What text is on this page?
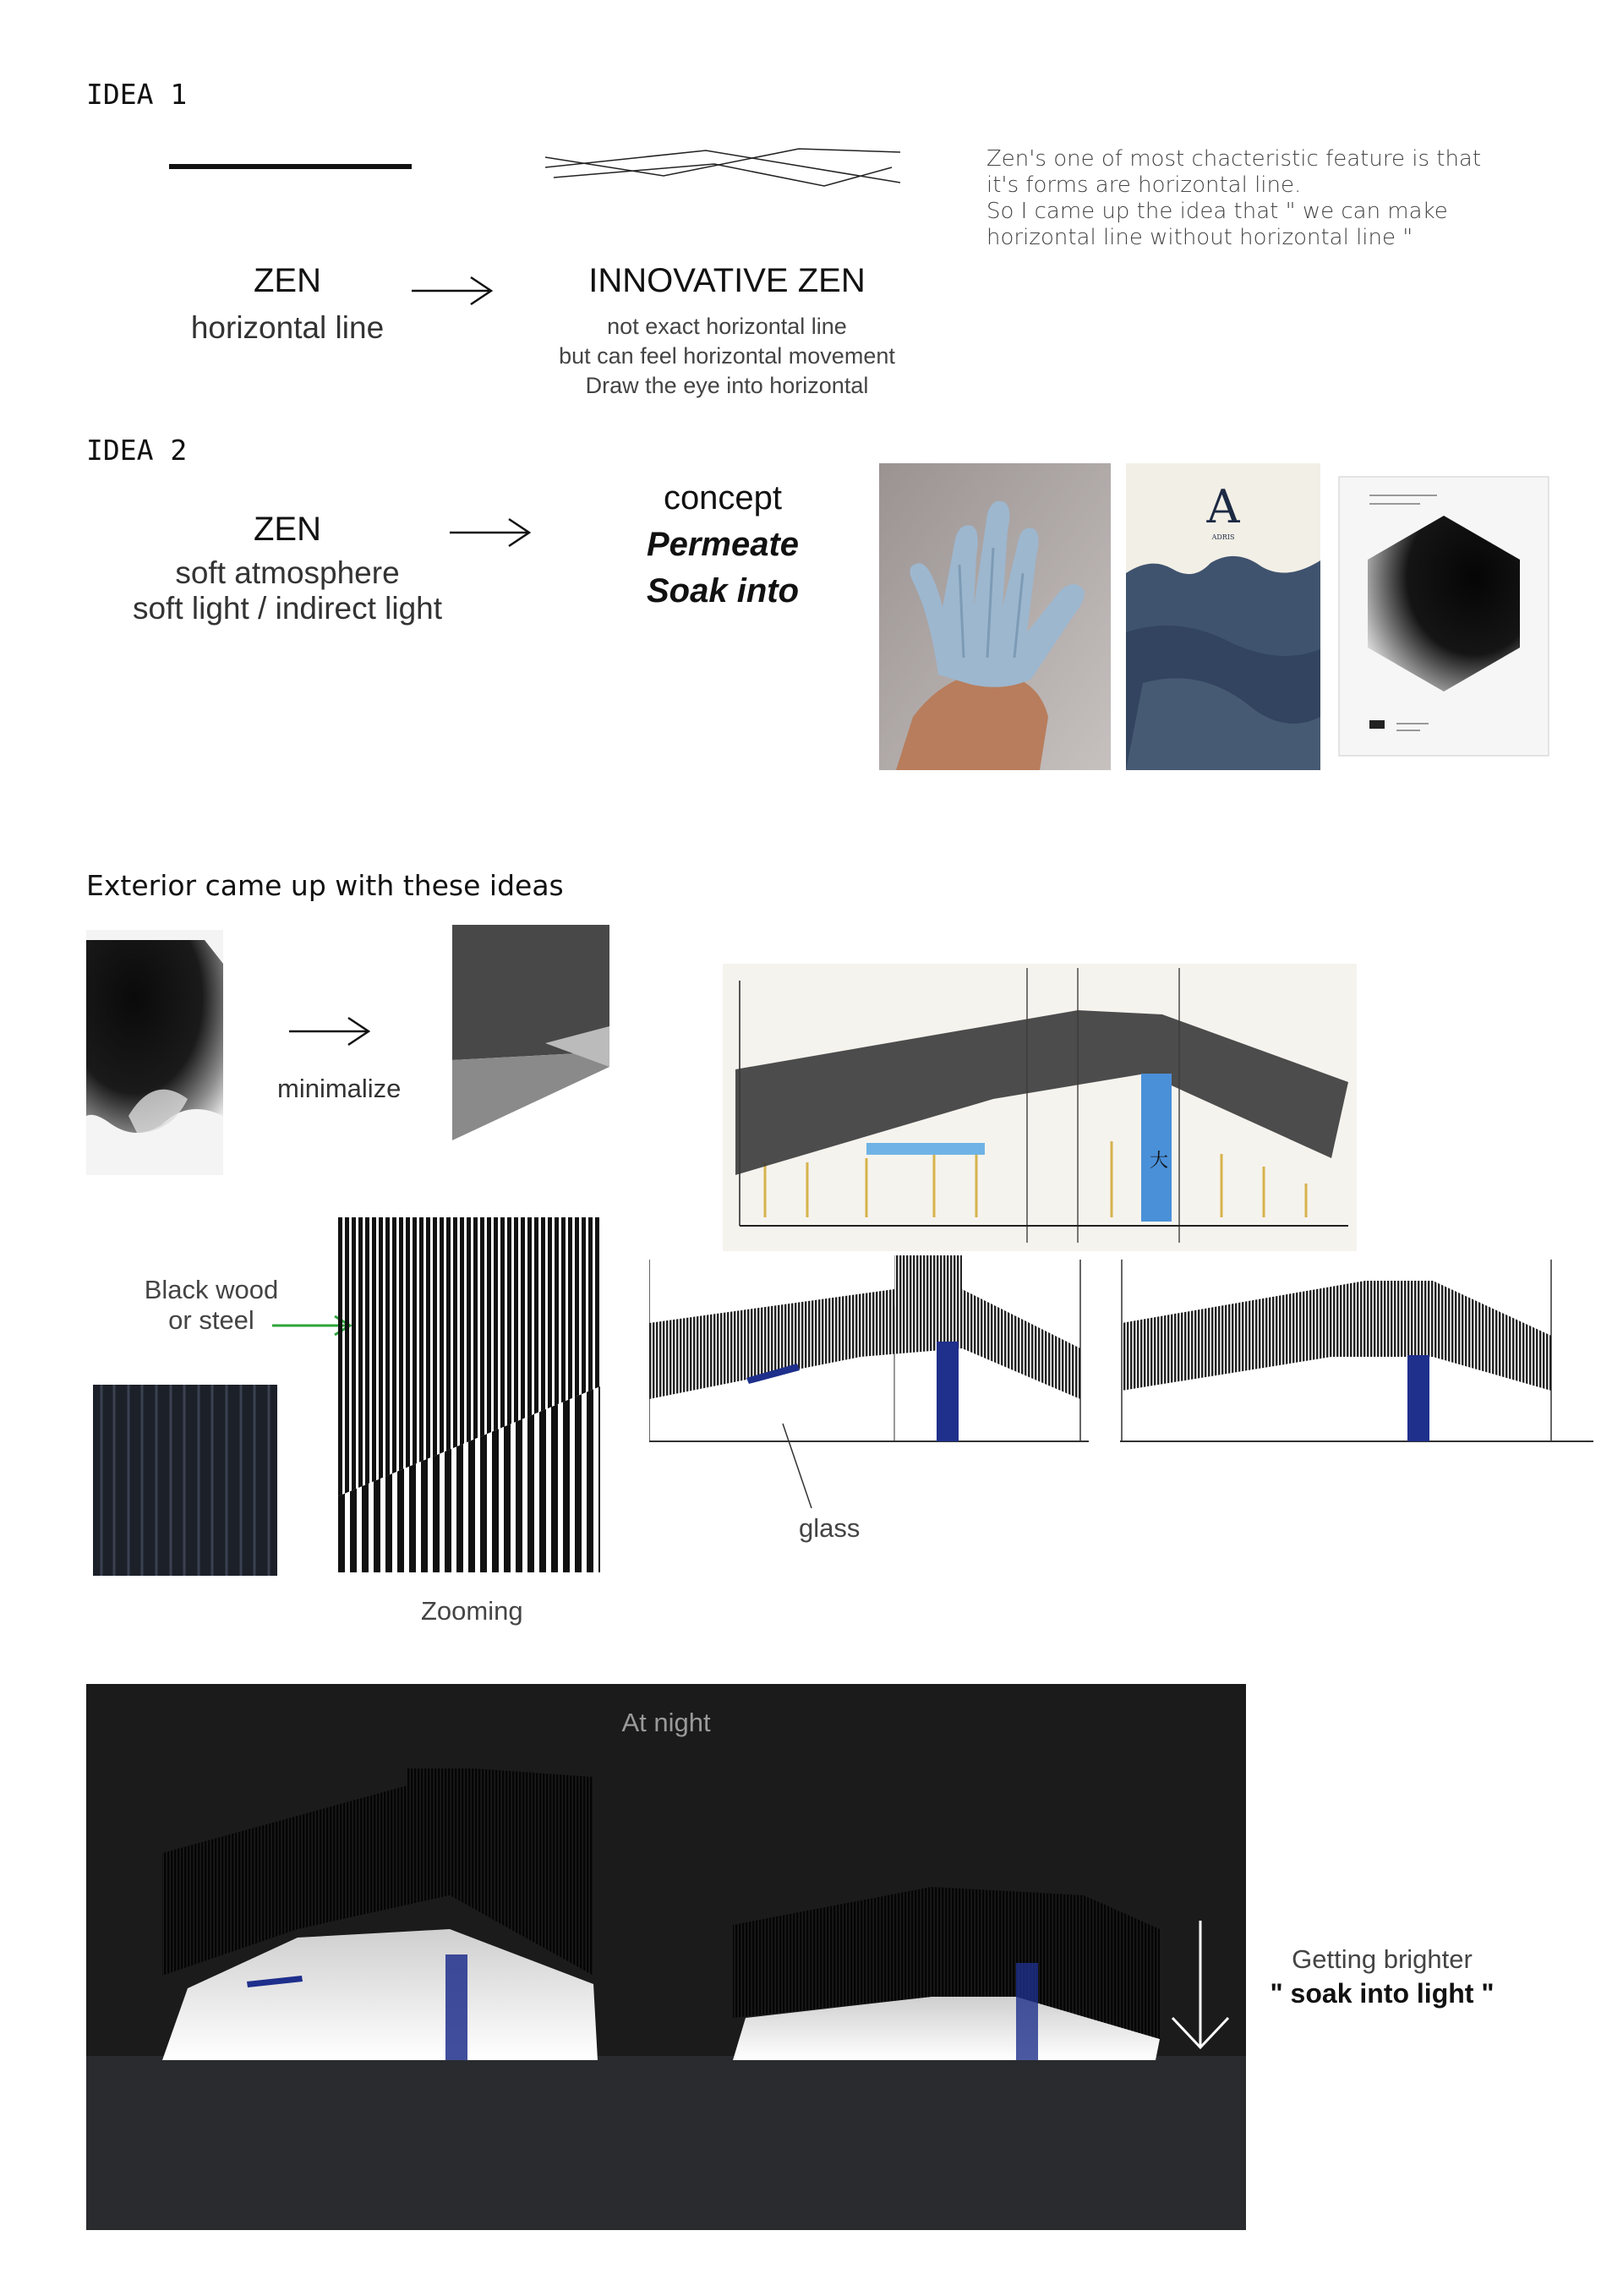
IDEA 1
ZEN
horizontal line
INNOVATIVE ZEN
not exact horizontal line
but can feel horizontal movement
Draw the eye into horizontal
Zen's one of most chacteristic feature is that
it's forms are horizontal line.
So I came up the idea that " we can make
horizontal line without horizontal line "
IDEA 2
ZEN
soft atmosphere
soft light / indirect light
concept
Permeate
Soak into
A
ADRIS
Exterior came up with these ideas
minimalize
大
Black wood
or steel
Zooming
glass
At night
Getting brighter
" soak into light "
